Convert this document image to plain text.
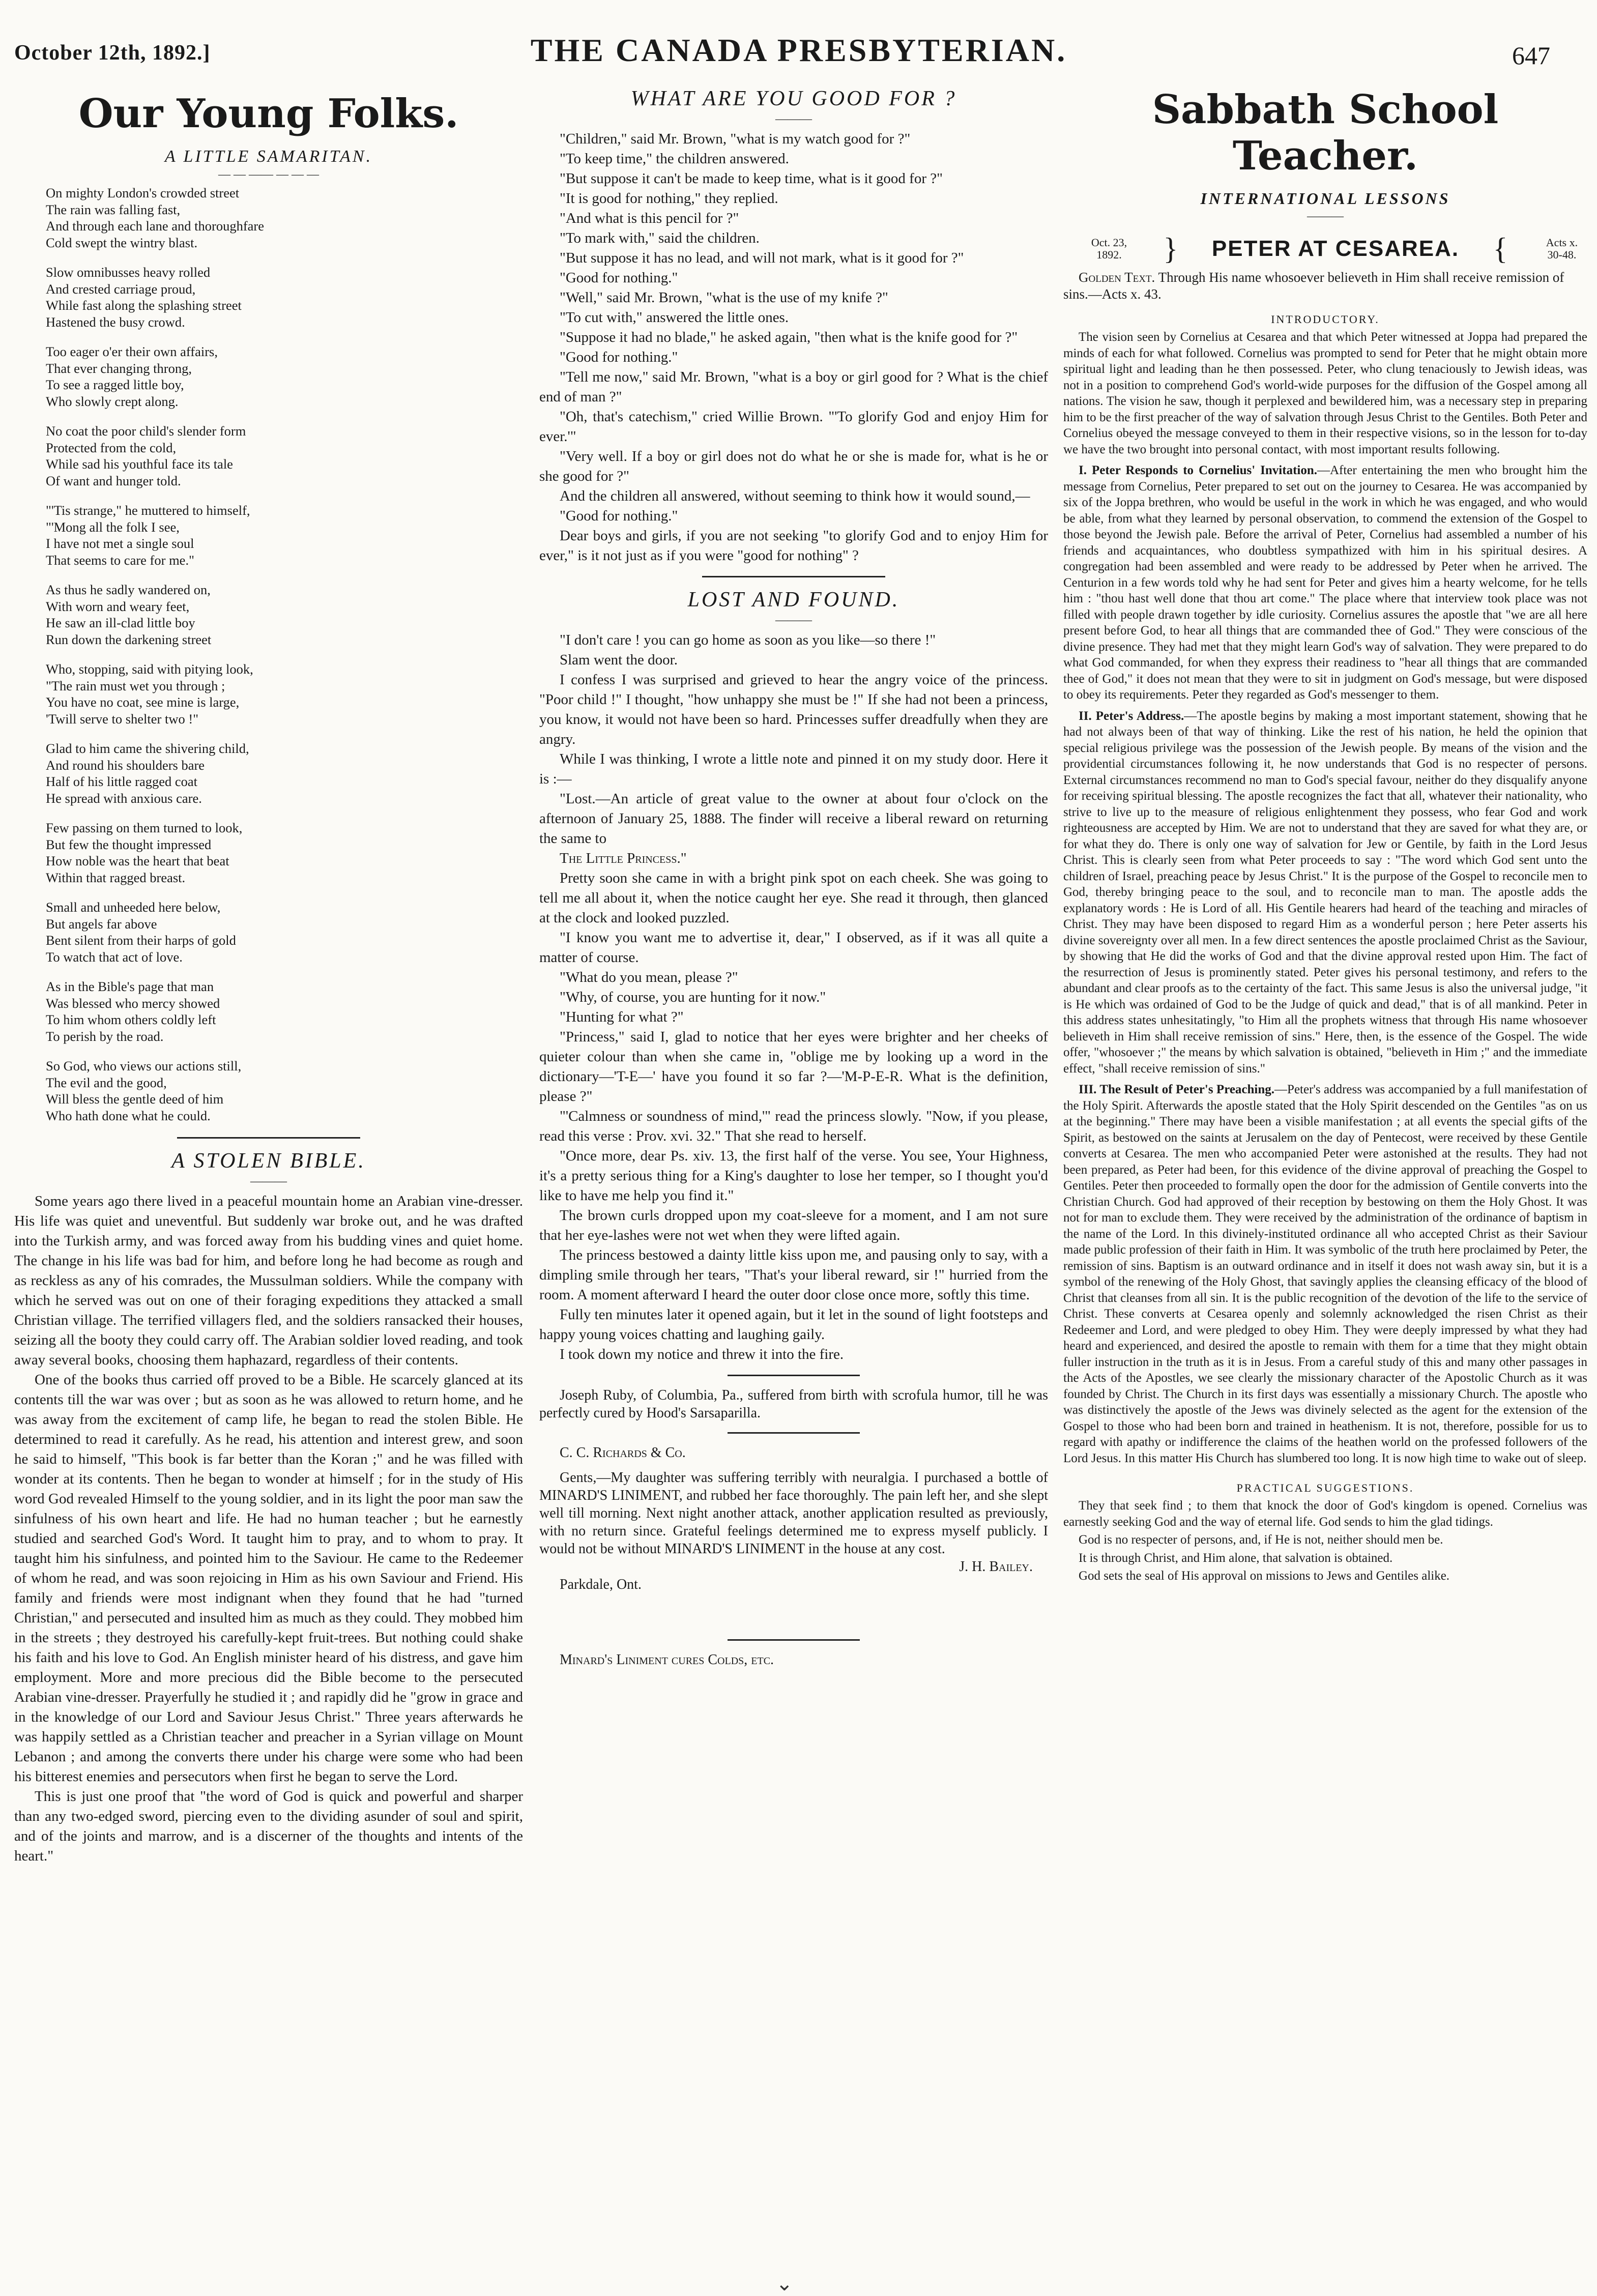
October 12th, 1892.]	THE CANADA PRESBYTERIAN.	647
Our Young Folks.
A LITTLE SAMARITAN.
— — —— — — —

On mighty London's crowded street

The rain was falling fast,

And through each lane and thoroughfare

Cold swept the wintry blast.

Slow omnibusses heavy rolled

And crested carriage proud,

While fast along the splashing street

Hastened the busy crowd.

Too eager o'er their own affairs,

That ever changing throng,

To see a ragged little boy,

Who slowly crept along.

No coat the poor child's slender form

Protected from the cold,

While sad his youthful face its tale

Of want and hunger told.

"'Tis strange," he muttered to himself,

"'Mong all the folk I see,

I have not met a single soul

That seems to care for me."

As thus he sadly wandered on,

With worn and weary feet,

He saw an ill-clad little boy

Run down the darkening street

Who, stopping, said with pitying look,

"The rain must wet you through ;

You have no coat, see mine is large,

'Twill serve to shelter two !"

Glad to him came the shivering child,

And round his shoulders bare

Half of his little ragged coat

He spread with anxious care.

Few passing on them turned to look,

But few the thought impressed

How noble was the heart that beat

Within that ragged breast.

Small and unheeded here below,

But angels far above

Bent silent from their harps of gold

To watch that act of love.

As in the Bible's page that man

Was blessed who mercy showed

To him whom others coldly left

To perish by the road.

So God, who views our actions still,

The evil and the good,

Will bless the gentle deed of him

Who hath done what he could.

A STOLEN BIBLE.
———

Some years ago there lived in a peaceful mountain home an Arabian vine-dresser. His life was quiet and uneventful. But suddenly war broke out, and he was drafted into the Turkish army, and was forced away from his budding vines and quiet home. The change in his life was bad for him, and before long he had become as rough and as reckless as any of his comrades, the Mussulman soldiers. While the company with which he served was out on one of their foraging expeditions they attacked a small Christian village. The terrified villagers fled, and the soldiers ransacked their houses, seizing all the booty they could carry off. The Arabian soldier loved reading, and took away several books, choosing them haphazard, regardless of their contents.

One of the books thus carried off proved to be a Bible. He scarcely glanced at its contents till the war was over ; but as soon as he was allowed to return home, and he was away from the excitement of camp life, he began to read the stolen Bible. He determined to read it carefully. As he read, his attention and interest grew, and soon he said to himself, "This book is far better than the Koran ;" and he was filled with wonder at its contents. Then he began to wonder at himself ; for in the study of His word God revealed Himself to the young soldier, and in its light the poor man saw the sinfulness of his own heart and life. He had no human teacher ; but he earnestly studied and searched God's Word. It taught him to pray, and to whom to pray. It taught him his sinfulness, and pointed him to the Saviour. He came to the Redeemer of whom he read, and was soon rejoicing in Him as his own Saviour and Friend. His family and friends were most indignant when they found that he had "turned Christian," and persecuted and insulted him as much as they could. They mobbed him in the streets ; they destroyed his carefully-kept fruit-trees. But nothing could shake his faith and his love to God. An English minister heard of his distress, and gave him employment. More and more precious did the Bible become to the persecuted Arabian vine-dresser. Prayerfully he studied it ; and rapidly did he "grow in grace and in the knowledge of our Lord and Saviour Jesus Christ." Three years afterwards he was happily settled as a Christian teacher and preacher in a Syrian village on Mount Lebanon ; and among the converts there under his charge were some who had been his bitterest enemies and persecutors when first he began to serve the Lord.

This is just one proof that "the word of God is quick and powerful and sharper than any two-edged sword, piercing even to the dividing asunder of soul and spirit, and of the joints and marrow, and is a discerner of the thoughts and intents of the heart."

WHAT ARE YOU GOOD FOR ?
———

"Children," said Mr. Brown, "what is my watch good for ?"

"To keep time," the children answered.

"But suppose it can't be made to keep time, what is it good for ?"

"It is good for nothing," they replied.

"And what is this pencil for ?"

"To mark with," said the children.

"But suppose it has no lead, and will not mark, what is it good for ?"

"Good for nothing."

"Well," said Mr. Brown, "what is the use of my knife ?"

"To cut with," answered the little ones.

"Suppose it had no blade," he asked again, "then what is the knife good for ?"

"Good for nothing."

"Tell me now," said Mr. Brown, "what is a boy or girl good for ? What is the chief end of man ?"

"Oh, that's catechism," cried Willie Brown. "'To glorify God and enjoy Him for ever.'"

"Very well. If a boy or girl does not do what he or she is made for, what is he or she good for ?"

And the children all answered, without seeming to think how it would sound,—

"Good for nothing."

Dear boys and girls, if you are not seeking "to glorify God and to enjoy Him for ever," is it not just as if you were "good for nothing" ?

LOST AND FOUND.
———

"I don't care ! you can go home as soon as you like—so there !"

Slam went the door.

I confess I was surprised and grieved to hear the angry voice of the princess. "Poor child !" I thought, "how unhappy she must be !" If she had not been a princess, you know, it would not have been so hard. Princesses suffer dreadfully when they are angry.

While I was thinking, I wrote a little note and pinned it on my study door. Here it is :—

"Lost.—An article of great value to the owner at about four o'clock on the afternoon of January 25, 1888. The finder will receive a liberal reward on returning the same to

The Little Princess."

Pretty soon she came in with a bright pink spot on each cheek. She was going to tell me all about it, when the notice caught her eye. She read it through, then glanced at the clock and looked puzzled.

"I know you want me to advertise it, dear," I observed, as if it was all quite a matter of course.

"What do you mean, please ?"

"Why, of course, you are hunting for it now."

"Hunting for what ?"

"Princess," said I, glad to notice that her eyes were brighter and her cheeks of quieter colour than when she came in, "oblige me by looking up a word in the dictionary—'T-E—' have you found it so far ?—'M-P-E-R. What is the definition, please ?"

"'Calmness or soundness of mind,'" read the princess slowly. "Now, if you please, read this verse : Prov. xvi. 32." That she read to herself.

"Once more, dear Ps. xiv. 13, the first half of the verse. You see, Your Highness, it's a pretty serious thing for a King's daughter to lose her temper, so I thought you'd like to have me help you find it."

The brown curls dropped upon my coat-sleeve for a moment, and I am not sure that her eye-lashes were not wet when they were lifted again.

The princess bestowed a dainty little kiss upon me, and pausing only to say, with a dimpling smile through her tears, "That's your liberal reward, sir !" hurried from the room. A moment afterward I heard the outer door close once more, softly this time.

Fully ten minutes later it opened again, but it let in the sound of light footsteps and happy young voices chatting and laughing gaily.

I took down my notice and threw it into the fire.

Joseph Ruby, of Columbia, Pa., suffered from birth with scrofula humor, till he was perfectly cured by Hood's Sarsaparilla.

C. C. Richards & Co.

Gents,—My daughter was suffering terribly with neuralgia. I purchased a bottle of MINARD'S LINIMENT, and rubbed her face thoroughly. The pain left her, and she slept well till morning. Next night another attack, another application resulted as previously, with no return since. Grateful feelings determined me to express myself publicly. I would not be without MINARD'S LINIMENT in the house at any cost.

J. H. Bailey.

Parkdale, Ont.

Minard's Liniment cures Colds, etc.

Sabbath School Teacher.
INTERNATIONAL LESSONS
———
Oct. 23, 1892. } PETER AT CESAREA. {	Acts x. 30-48.
Golden Text. Through His name whosoever believeth in Him shall receive remission of sins.—Acts x. 43.
INTRODUCTORY.

The vision seen by Cornelius at Cesarea and that which Peter witnessed at Joppa had prepared the minds of each for what followed. Cornelius was prompted to send for Peter that he might obtain more spiritual light and leading than he then possessed. Peter, who clung tenaciously to Jewish ideas, was not in a position to comprehend God's world-wide purposes for the diffusion of the Gospel among all nations. The vision he saw, though it perplexed and bewildered him, was a necessary step in preparing him to be the first preacher of the way of salvation through Jesus Christ to the Gentiles. Both Peter and Cornelius obeyed the message conveyed to them in their respective visions, so in the lesson for to-day we have the two brought into personal contact, with most important results following.

I. Peter Responds to Cornelius' Invitation.—After entertaining the men who brought him the message from Cornelius, Peter prepared to set out on the journey to Cesarea. He was accompanied by six of the Joppa brethren, who would be useful in the work in which he was engaged, and who would be able, from what they learned by personal observation, to commend the extension of the Gospel to those beyond the Jewish pale. Before the arrival of Peter, Cornelius had assembled a number of his friends and acquaintances, who doubtless sympathized with him in his spiritual desires. A congregation had been assembled and were ready to be addressed by Peter when he arrived. The Centurion in a few words told why he had sent for Peter and gives him a hearty welcome, for he tells him : "thou hast well done that thou art come." The place where that interview took place was not filled with people drawn together by idle curiosity. Cornelius assures the apostle that "we are all here present before God, to hear all things that are commanded thee of God." They were conscious of the divine presence. They had met that they might learn God's way of salvation. They were prepared to do what God commanded, for when they express their readiness to "hear all things that are commanded thee of God," it does not mean that they were to sit in judgment on God's message, but were disposed to obey its requirements. Peter they regarded as God's messenger to them.

II. Peter's Address.—The apostle begins by making a most important statement, showing that he had not always been of that way of thinking. Like the rest of his nation, he held the opinion that special religious privilege was the possession of the Jewish people. By means of the vision and the providential circumstances following it, he now understands that God is no respecter of persons. External circumstances recommend no man to God's special favour, neither do they disqualify anyone for receiving spiritual blessing. The apostle recognizes the fact that all, whatever their nationality, who strive to live up to the measure of religious enlightenment they possess, who fear God and work righteousness are accepted by Him. We are not to understand that they are saved for what they are, or for what they do. There is only one way of salvation for Jew or Gentile, by faith in the Lord Jesus Christ. This is clearly seen from what Peter proceeds to say : "The word which God sent unto the children of Israel, preaching peace by Jesus Christ." It is the purpose of the Gospel to reconcile men to God, thereby bringing peace to the soul, and to reconcile man to man. The apostle adds the explanatory words : He is Lord of all. His Gentile hearers had heard of the teaching and miracles of Christ. They may have been disposed to regard Him as a wonderful person ; here Peter asserts his divine sovereignty over all men. In a few direct sentences the apostle proclaimed Christ as the Saviour, by showing that He did the works of God and that the divine approval rested upon Him. The fact of the resurrection of Jesus is prominently stated. Peter gives his personal testimony, and refers to the abundant and clear proofs as to the certainty of the fact. This same Jesus is also the universal judge, "it is He which was ordained of God to be the Judge of quick and dead," that is of all mankind. Peter in this address states unhesitatingly, "to Him all the prophets witness that through His name whosoever believeth in Him shall receive remission of sins." Here, then, is the essence of the Gospel. The wide offer, "whosoever ;" the means by which salvation is obtained, "believeth in Him ;" and the immediate effect, "shall receive remission of sins."

III. The Result of Peter's Preaching.—Peter's address was accompanied by a full manifestation of the Holy Spirit. Afterwards the apostle stated that the Holy Spirit descended on the Gentiles "as on us at the beginning." There may have been a visible manifestation ; at all events the special gifts of the Spirit, as bestowed on the saints at Jerusalem on the day of Pentecost, were received by these Gentile converts at Cesarea. The men who accompanied Peter were astonished at the results. They had not been prepared, as Peter had been, for this evidence of the divine approval of preaching the Gospel to Gentiles. Peter then proceeded to formally open the door for the admission of Gentile converts into the Christian Church. God had approved of their reception by bestowing on them the Holy Ghost. It was not for man to exclude them. They were received by the administration of the ordinance of baptism in the name of the Lord. In this divinely-instituted ordinance all who accepted Christ as their Saviour made public profession of their faith in Him. It was symbolic of the truth here proclaimed by Peter, the remission of sins. Baptism is an outward ordinance and in itself it does not wash away sin, but it is a symbol of the renewing of the Holy Ghost, that savingly applies the cleansing efficacy of the blood of Christ that cleanses from all sin. It is the public recognition of the devotion of the life to the service of Christ. These converts at Cesarea openly and solemnly acknowledged the risen Christ as their Redeemer and Lord, and were pledged to obey Him. They were deeply impressed by what they had heard and experienced, and desired the apostle to remain with them for a time that they might obtain fuller instruction in the truth as it is in Jesus. From a careful study of this and many other passages in the Acts of the Apostles, we see clearly the missionary character of the Apostolic Church as it was founded by Christ. The Church in its first days was essentially a missionary Church. The apostle who was distinctively the apostle of the Jews was divinely selected as the agent for the extension of the Gospel to those who had been born and trained in heathenism. It is not, therefore, possible for us to regard with apathy or indifference the claims of the heathen world on the professed followers of the Lord Jesus. In this matter His Church has slumbered too long. It is now high time to wake out of sleep.

PRACTICAL SUGGESTIONS.

They that seek find ; to them that knock the door of God's kingdom is opened. Cornelius was earnestly seeking God and the way of eternal life. God sends to him the glad tidings.

God is no respecter of persons, and, if He is not, neither should men be.

It is through Christ, and Him alone, that salvation is obtained.

God sets the seal of His approval on missions to Jews and Gentiles alike.

⌄
